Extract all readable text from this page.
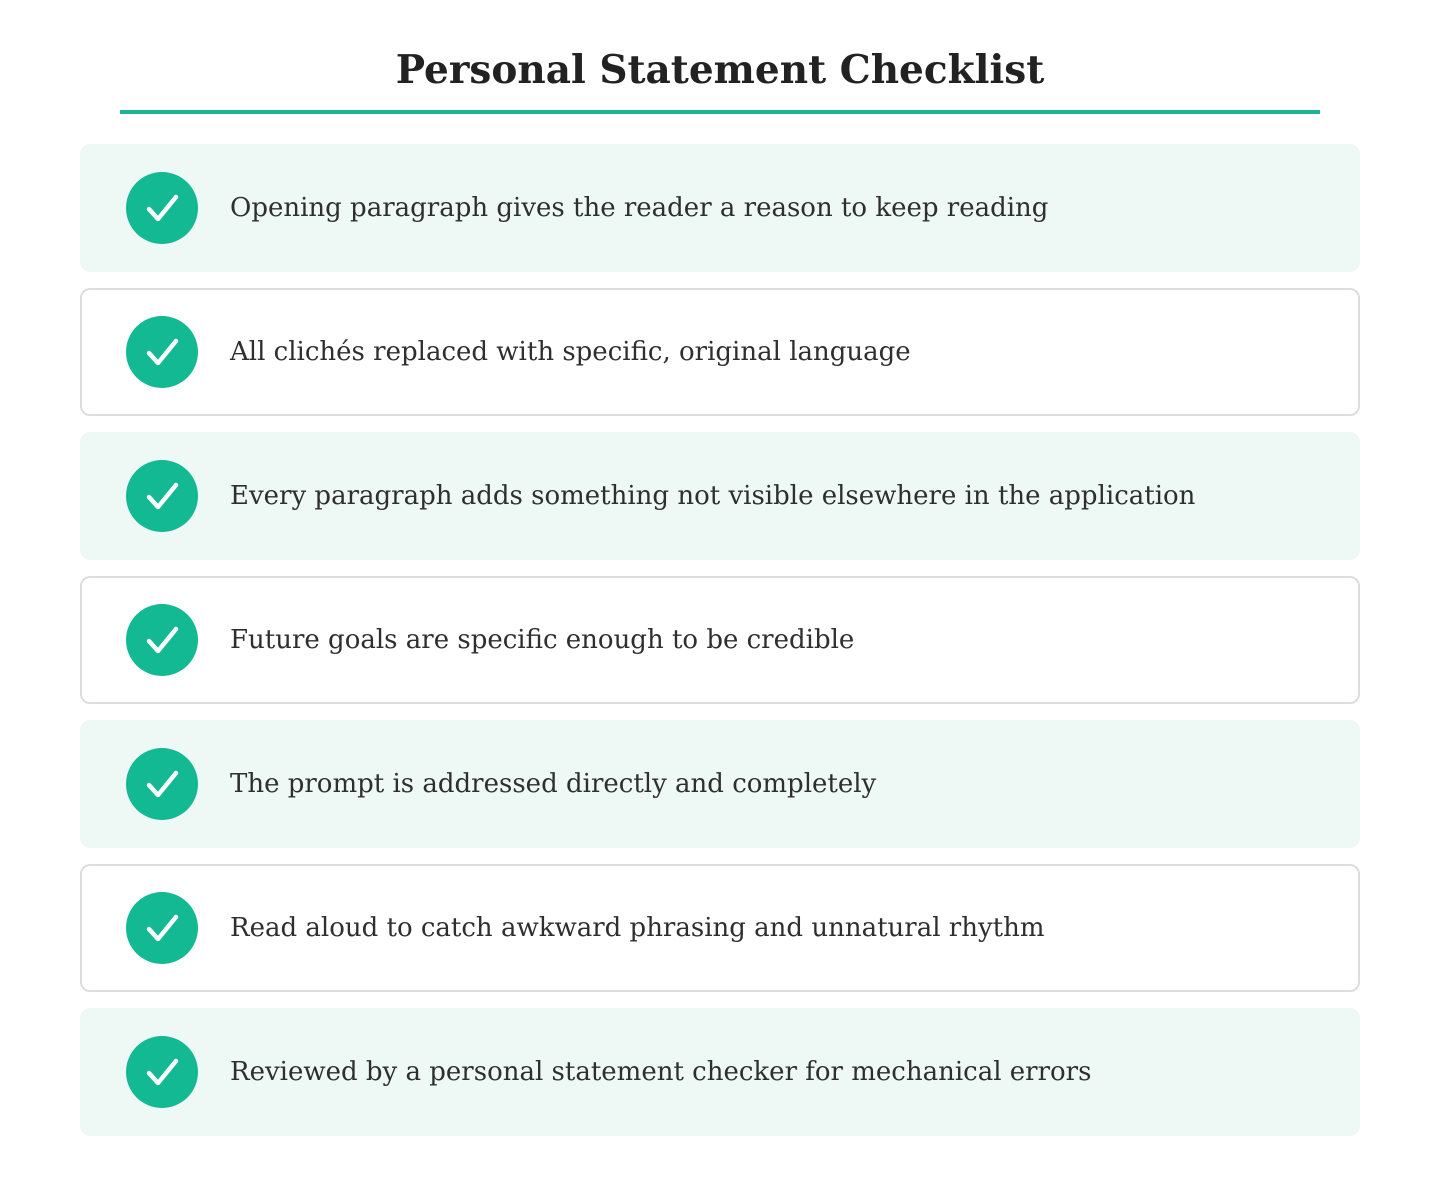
Personal Statement Checklist
Opening paragraph gives the reader a reason to keep reading
All clichés replaced with specific, original language
Every paragraph adds something not visible elsewhere in the application
Future goals are specific enough to be credible
The prompt is addressed directly and completely
Read aloud to catch awkward phrasing and unnatural rhythm
Reviewed by a personal statement checker for mechanical errors
